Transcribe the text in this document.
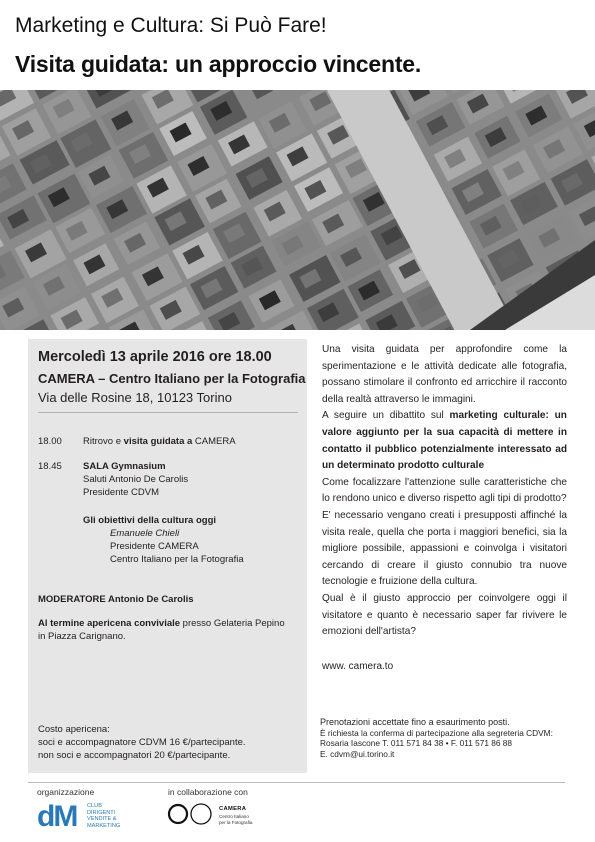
Marketing e Cultura: Si Può Fare!
Visita guidata: un approccio vincente.
Mercoledì 13 aprile 2016 ore 18.00
CAMERA – Centro Italiano per la Fotografia
Via delle Rosine 18, 10123 Torino
18.00 Ritrovo e visita guidata a CAMERA
18.45 SALA Gymnasium
Saluti Antonio De Carolis
Presidente CDVM
Gli obiettivi della cultura oggi
Emanuele Chieli
Presidente CAMERA
Centro Italiano per la Fotografia
MODERATORE Antonio De Carolis
Al termine apericena conviviale presso Gelateria Pepino
in Piazza Carignano.
Costo apericena:
soci e accompagnatore CDVM 16 €/partecipante.
non soci e accompagnatori 20 €/partecipante.

Una visita guidata per approfondire come la sperimentazione e le attività dedicate alle fotografia, possano stimolare il confronto ed arricchire il racconto della realtà attraverso le immagini.

A seguire un dibattito sul marketing culturale: un valore aggiunto per la sua capacità di mettere in contatto il pubblico potenzialmente interessato ad un determinato prodotto culturale

Come focalizzare l'attenzione sulle caratteristiche che lo rendono unico e diverso rispetto agli tipi di prodotto?

E' necessario vengano creati i presupposti affinché la visita reale, quella che porta i maggiori benefici, sia la migliore possibile, appassioni e coinvolga i visitatori cercando di creare il giusto connubio tra nuove tecnologie e fruizione della cultura.

Qual è il giusto approccio per coinvolgere oggi il visitatore e quanto è necessario saper far rivivere le emozioni dell'artista?

www. camera.to
Prenotazioni accettate fino a esaurimento posti.
È richiesta la conferma di partecipazione alla segreteria CDVM:
Rosaria Iascone T. 011 571 84 38 • F. 011 571 86 88
E. cdvm@ui.torino.it
organizzazione	in collaborazione con
dM CLUB
DIRIGENTI
VENDITE &
MARKETING
CAMERA
Centro Italiano
per la Fotografia
